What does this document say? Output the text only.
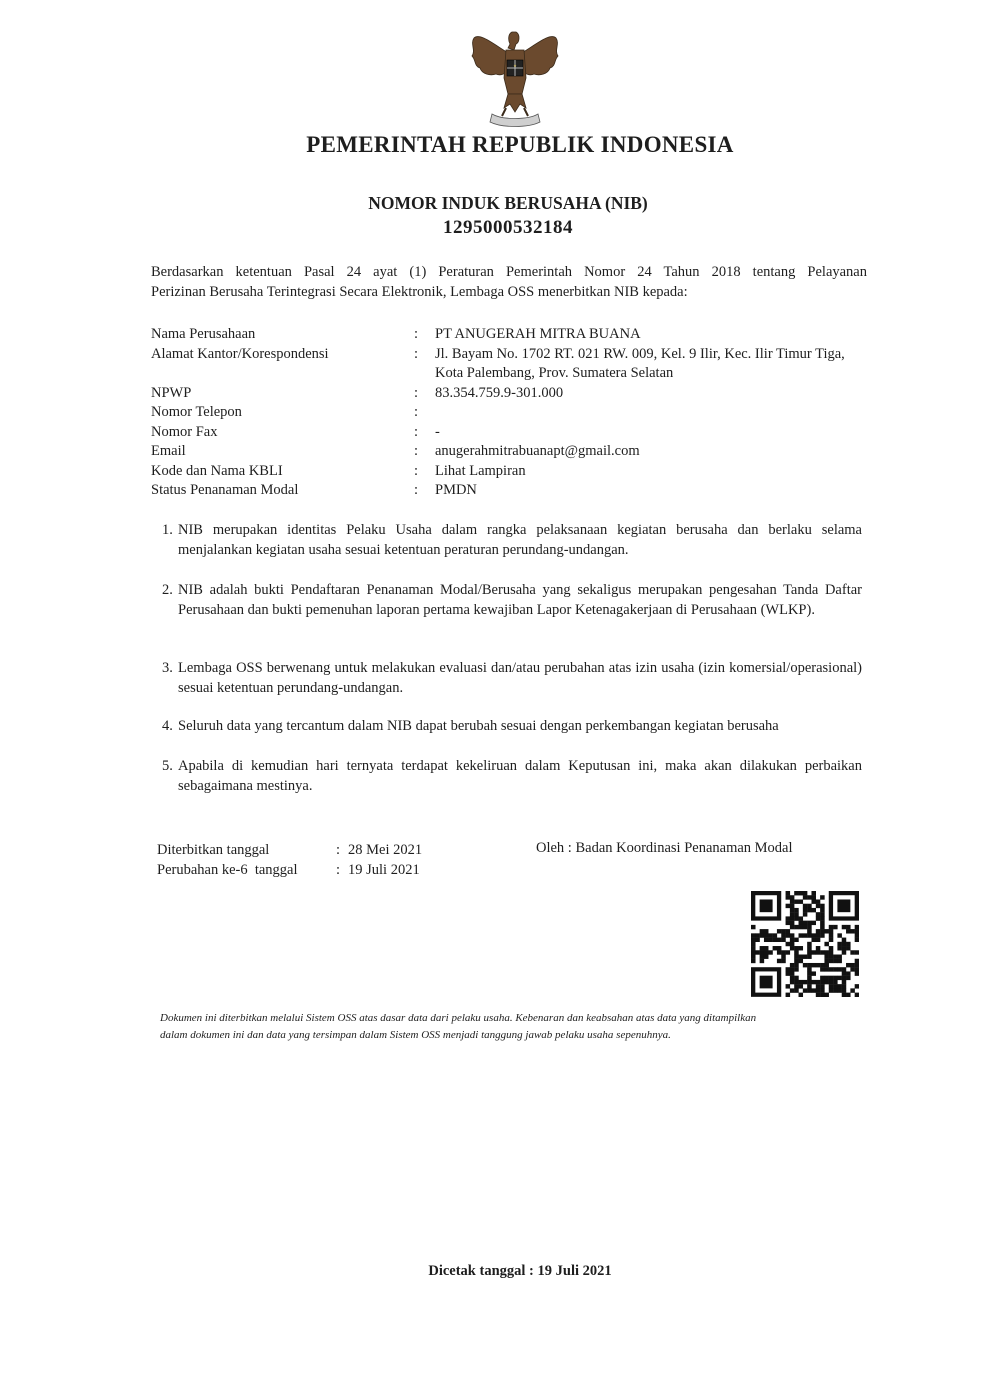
PEMERINTAH REPUBLIK INDONESIA
NOMOR INDUK BERUSAHA (NIB)
1295000532184
Berdasarkan ketentuan Pasal 24 ayat (1) Peraturan Pemerintah Nomor 24 Tahun 2018 tentang Pelayanan
Perizinan Berusaha Terintegrasi Secara Elektronik, Lembaga OSS menerbitkan NIB kepada:
Nama Perusahaan	:	PT ANUGERAH MITRA BUANA
Alamat Kantor/Korespondensi	:	Jl. Bayam No. 1702 RT. 021 RW. 009, Kel. 9 Ilir, Kec. Ilir Timur Tiga, Kota Palembang, Prov. Sumatera Selatan
NPWP	:	83.354.759.9-301.000
Nomor Telepon	:
Nomor Fax	:	-
Email	:	anugerahmitrabuanapt@gmail.com
Kode dan Nama KBLI	:	Lihat Lampiran
Status Penanaman Modal	:	PMDN
1. NIB merupakan identitas Pelaku Usaha dalam rangka pelaksanaan kegiatan berusaha dan berlaku selama menjalankan kegiatan usaha sesuai ketentuan peraturan perundang-undangan.
2. NIB adalah bukti Pendaftaran Penanaman Modal/Berusaha yang sekaligus merupakan pengesahan Tanda Daftar Perusahaan dan bukti pemenuhan laporan pertama kewajiban Lapor Ketenagakerjaan di Perusahaan (WLKP).
3. Lembaga OSS berwenang untuk melakukan evaluasi dan/atau perubahan atas izin usaha (izin komersial/operasional) sesuai ketentuan perundang-undangan.
4. Seluruh data yang tercantum dalam NIB dapat berubah sesuai dengan perkembangan kegiatan berusaha
5. Apabila di kemudian hari ternyata terdapat kekeliruan dalam Keputusan ini, maka akan dilakukan perbaikan sebagaimana mestinya.
Diterbitkan tanggal	: 28 Mei 2021
Perubahan ke-6  tanggal	: 19 Juli 2021
Oleh : Badan Koordinasi Penanaman Modal
Dokumen ini diterbitkan melalui Sistem OSS atas dasar data dari pelaku usaha. Kebenaran dan keabsahan atas data yang ditampilkan
dalam dokumen ini dan data yang tersimpan dalam Sistem OSS menjadi tanggung jawab pelaku usaha sepenuhnya.
Dicetak tanggal : 19 Juli 2021
